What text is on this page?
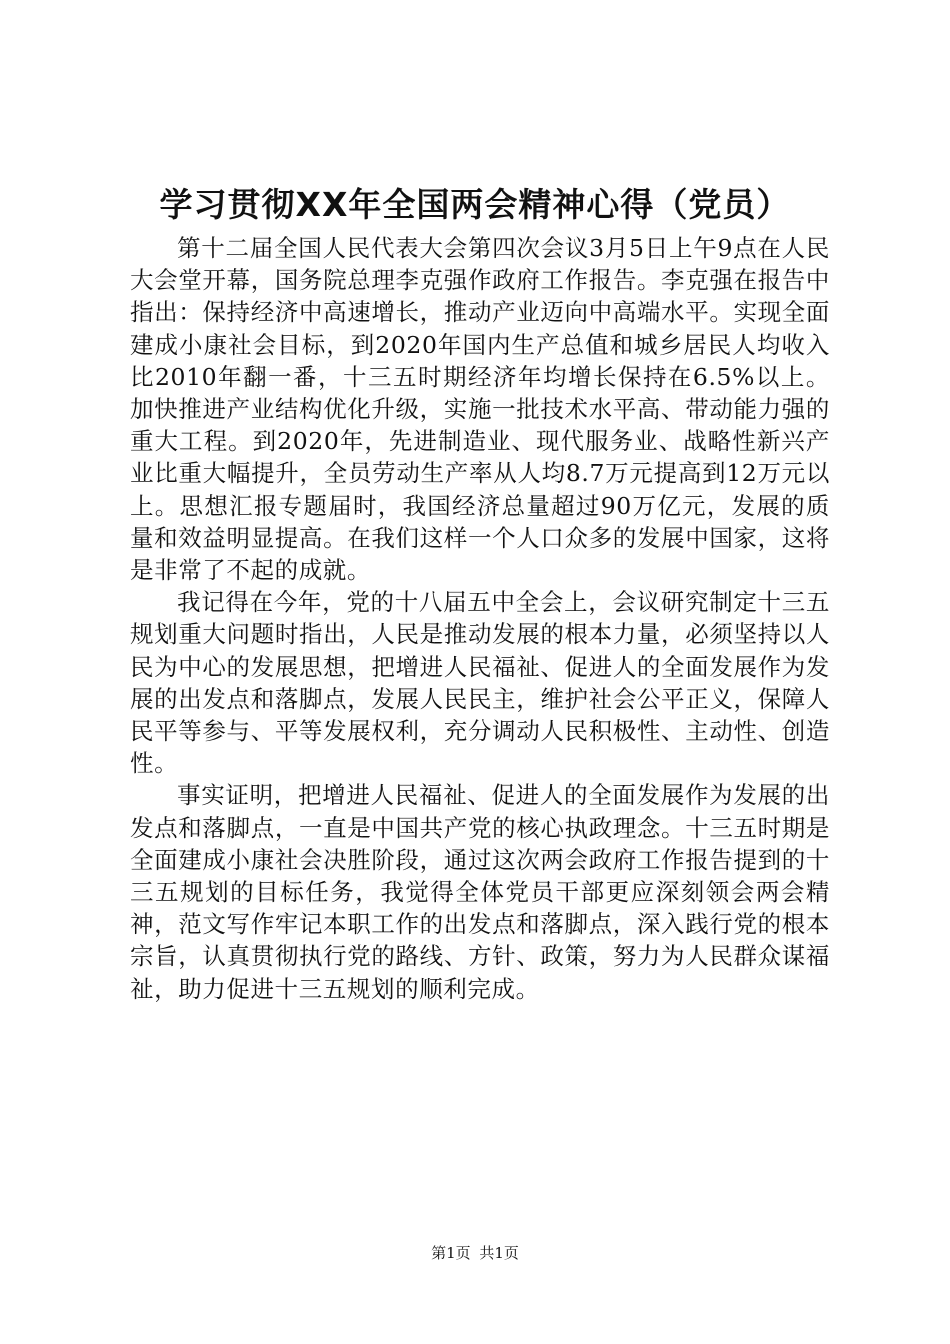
学习贯彻XX年全国两会精神心得（党员）

第十二届全国人民代表大会第四次会议3月5日上午9点在人民大会堂开幕，国务院总理李克强作政府工作报告。李克强在报告中指出：保持经济中高速增长，推动产业迈向中高端水平。实现全面建成小康社会目标，到2020年国内生产总值和城乡居民人均收入比2010年翻一番，十三五时期经济年均增长保持在6.5%以上。加快推进产业结构优化升级，实施一批技术水平高、带动能力强的重大工程。到2020年，先进制造业、现代服务业、战略性新兴产业比重大幅提升，全员劳动生产率从人均8.7万元提高到12万元以上。思想汇报专题届时，我国经济总量超过90万亿元，发展的质量和效益明显提高。在我们这样一个人口众多的发展中国家，这将是非常了不起的成就。

我记得在今年，党的十八届五中全会上，会议研究制定十三五规划重大问题时指出，人民是推动发展的根本力量，必须坚持以人民为中心的发展思想，把增进人民福祉、促进人的全面发展作为发展的出发点和落脚点，发展人民民主，维护社会公平正义，保障人民平等参与、平等发展权利，充分调动人民积极性、主动性、创造性。

事实证明，把增进人民福祉、促进人的全面发展作为发展的出发点和落脚点，一直是中国共产党的核心执政理念。十三五时期是全面建成小康社会决胜阶段，通过这次两会政府工作报告提到的十三五规划的目标任务，我觉得全体党员干部更应深刻领会两会精神，范文写作牢记本职工作的出发点和落脚点，深入践行党的根本宗旨，认真贯彻执行党的路线、方针、政策，努力为人民群众谋福祉，助力促进十三五规划的顺利完成。

第1页 共1页
